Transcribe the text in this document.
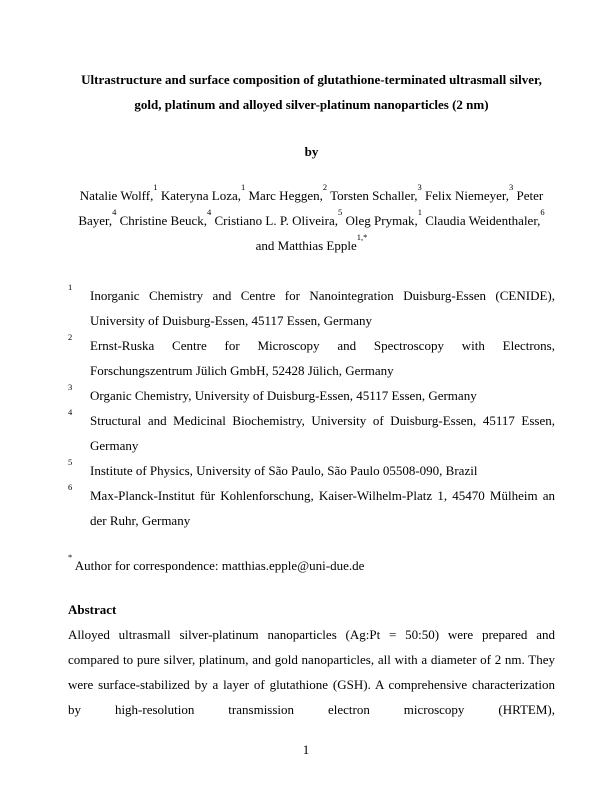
Ultrastructure and surface composition of glutathione-terminated ultrasmall silver, gold, platinum and alloyed silver-platinum nanoparticles (2 nm)

by

Natalie Wolff,$^1$ Kateryna Loza,$^1$ Marc Heggen,$^2$ Torsten Schaller,$^3$ Felix Niemeyer,$^3$ Peter Bayer,$^4$ Christine Beuck,$^4$ Cristiano L. P. Oliveira,$^5$ Oleg Prymak,$^1$ Claudia Weidenthaler,$^6$ and Matthias Epple$^{1,*}$

$^1$Inorganic Chemistry and Centre for Nanointegration Duisburg-Essen (CENIDE), University of Duisburg-Essen, 45117 Essen, Germany
$^2$Ernst-Ruska Centre for Microscopy and Spectroscopy with Electrons, Forschungszentrum Jülich GmbH, 52428 Jülich, Germany
$^3$Organic Chemistry, University of Duisburg-Essen, 45117 Essen, Germany
$^4$Structural and Medicinal Biochemistry, University of Duisburg-Essen, 45117 Essen, Germany
$^5$Institute of Physics, University of São Paulo, São Paulo 05508-090, Brazil
$^6$Max-Planck-Institut für Kohlenforschung, Kaiser-Wilhelm-Platz 1, 45470 Mülheim an der Ruhr, Germany

* Author for correspondence: matthias.epple@uni-due.de

Abstract

Alloyed ultrasmall silver-platinum nanoparticles (Ag:Pt = 50:50) were prepared and compared to pure silver, platinum, and gold nanoparticles, all with a diameter of 2 nm. They were surface-stabilized by a layer of glutathione (GSH). A comprehensive characterization by high-resolution transmission electron microscopy (HRTEM),

1
